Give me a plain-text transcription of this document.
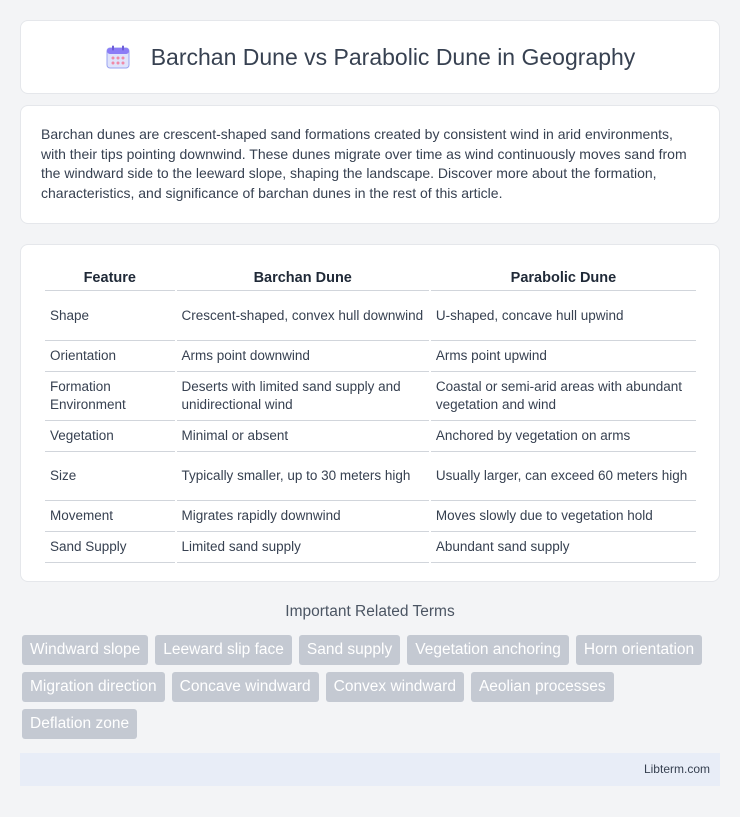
Barchan Dune vs Parabolic Dune in Geography

Barchan dunes are crescent-shaped sand formations created by consistent wind in arid environments, with their tips pointing downwind. These dunes migrate over time as wind continuously moves sand from the windward side to the leeward slope, shaping the landscape. Discover more about the formation, characteristics, and significance of barchan dunes in the rest of this article.

Feature	Barchan Dune	Parabolic Dune
Shape	Crescent-shaped, convex hull downwind	U-shaped, concave hull upwind
Orientation	Arms point downwind	Arms point upwind
Formation Environment	Deserts with limited sand supply and unidirectional wind	Coastal or semi-arid areas with abundant vegetation and wind
Vegetation	Minimal or absent	Anchored by vegetation on arms
Size	Typically smaller, up to 30 meters high	Usually larger, can exceed 60 meters high
Movement	Migrates rapidly downwind	Moves slowly due to vegetation hold
Sand Supply	Limited sand supply	Abundant sand supply
Important Related Terms
Windward slope	Leeward slip face	Sand supply	Vegetation anchoring	Horn orientation
Migration direction	Concave windward	Convex windward	Aeolian processes
Deflation zone
Libterm.com
